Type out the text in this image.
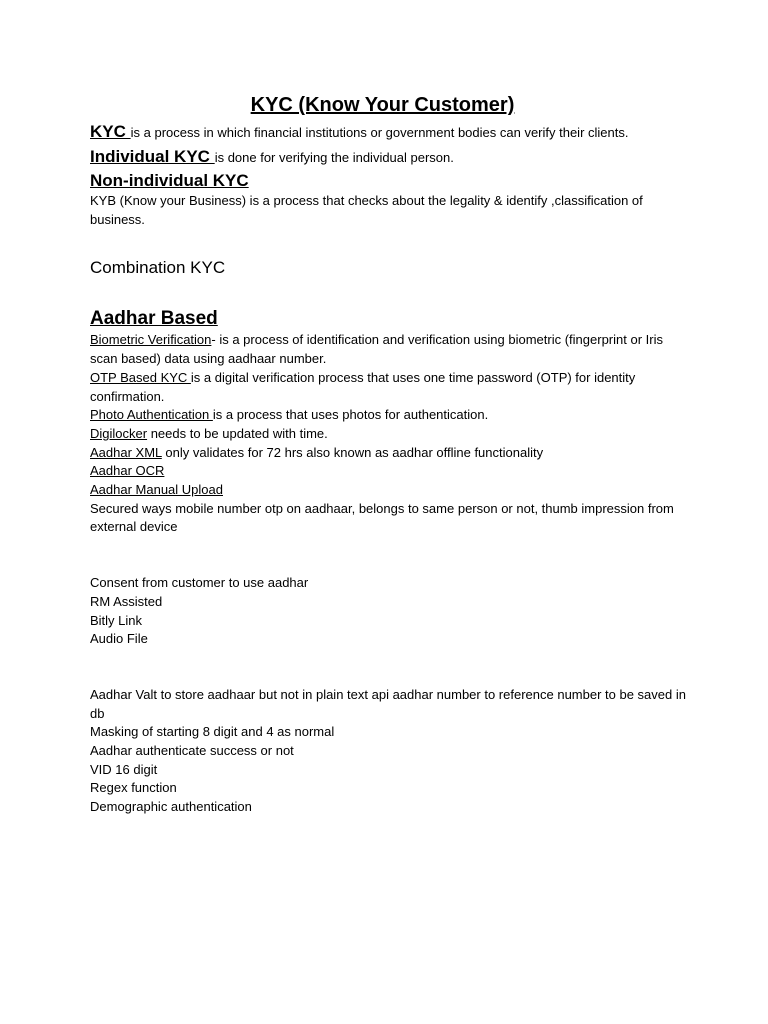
KYC (Know Your Customer)

KYC is a process in which financial institutions or government bodies can verify their clients.

Individual KYC is done for verifying the individual person.

Non-individual KYC

KYB (Know your Business) is a process that checks about the legality & identify ,classification of business.

Combination KYC

Aadhar Based

Biometric Verification- is a process of identification and verification using biometric (fingerprint or Iris scan based) data using aadhaar number.

OTP Based KYC is a digital verification process that uses one time password (OTP) for identity confirmation.

Photo Authentication is a process that uses photos for authentication.

Digilocker needs to be updated with time.

Aadhar XML only validates for 72 hrs also known as aadhar offline functionality

Aadhar OCR

Aadhar Manual Upload

Secured ways mobile number otp on aadhaar, belongs to same person or not, thumb impression from external device

Consent from customer to use aadhar

RM Assisted

Bitly Link

Audio File

Aadhar Valt to store aadhaar but not in plain text api aadhar number to reference number to be saved in db

Masking of starting 8 digit and 4 as normal

Aadhar authenticate success or not

VID 16 digit

Regex function

Demographic authentication
